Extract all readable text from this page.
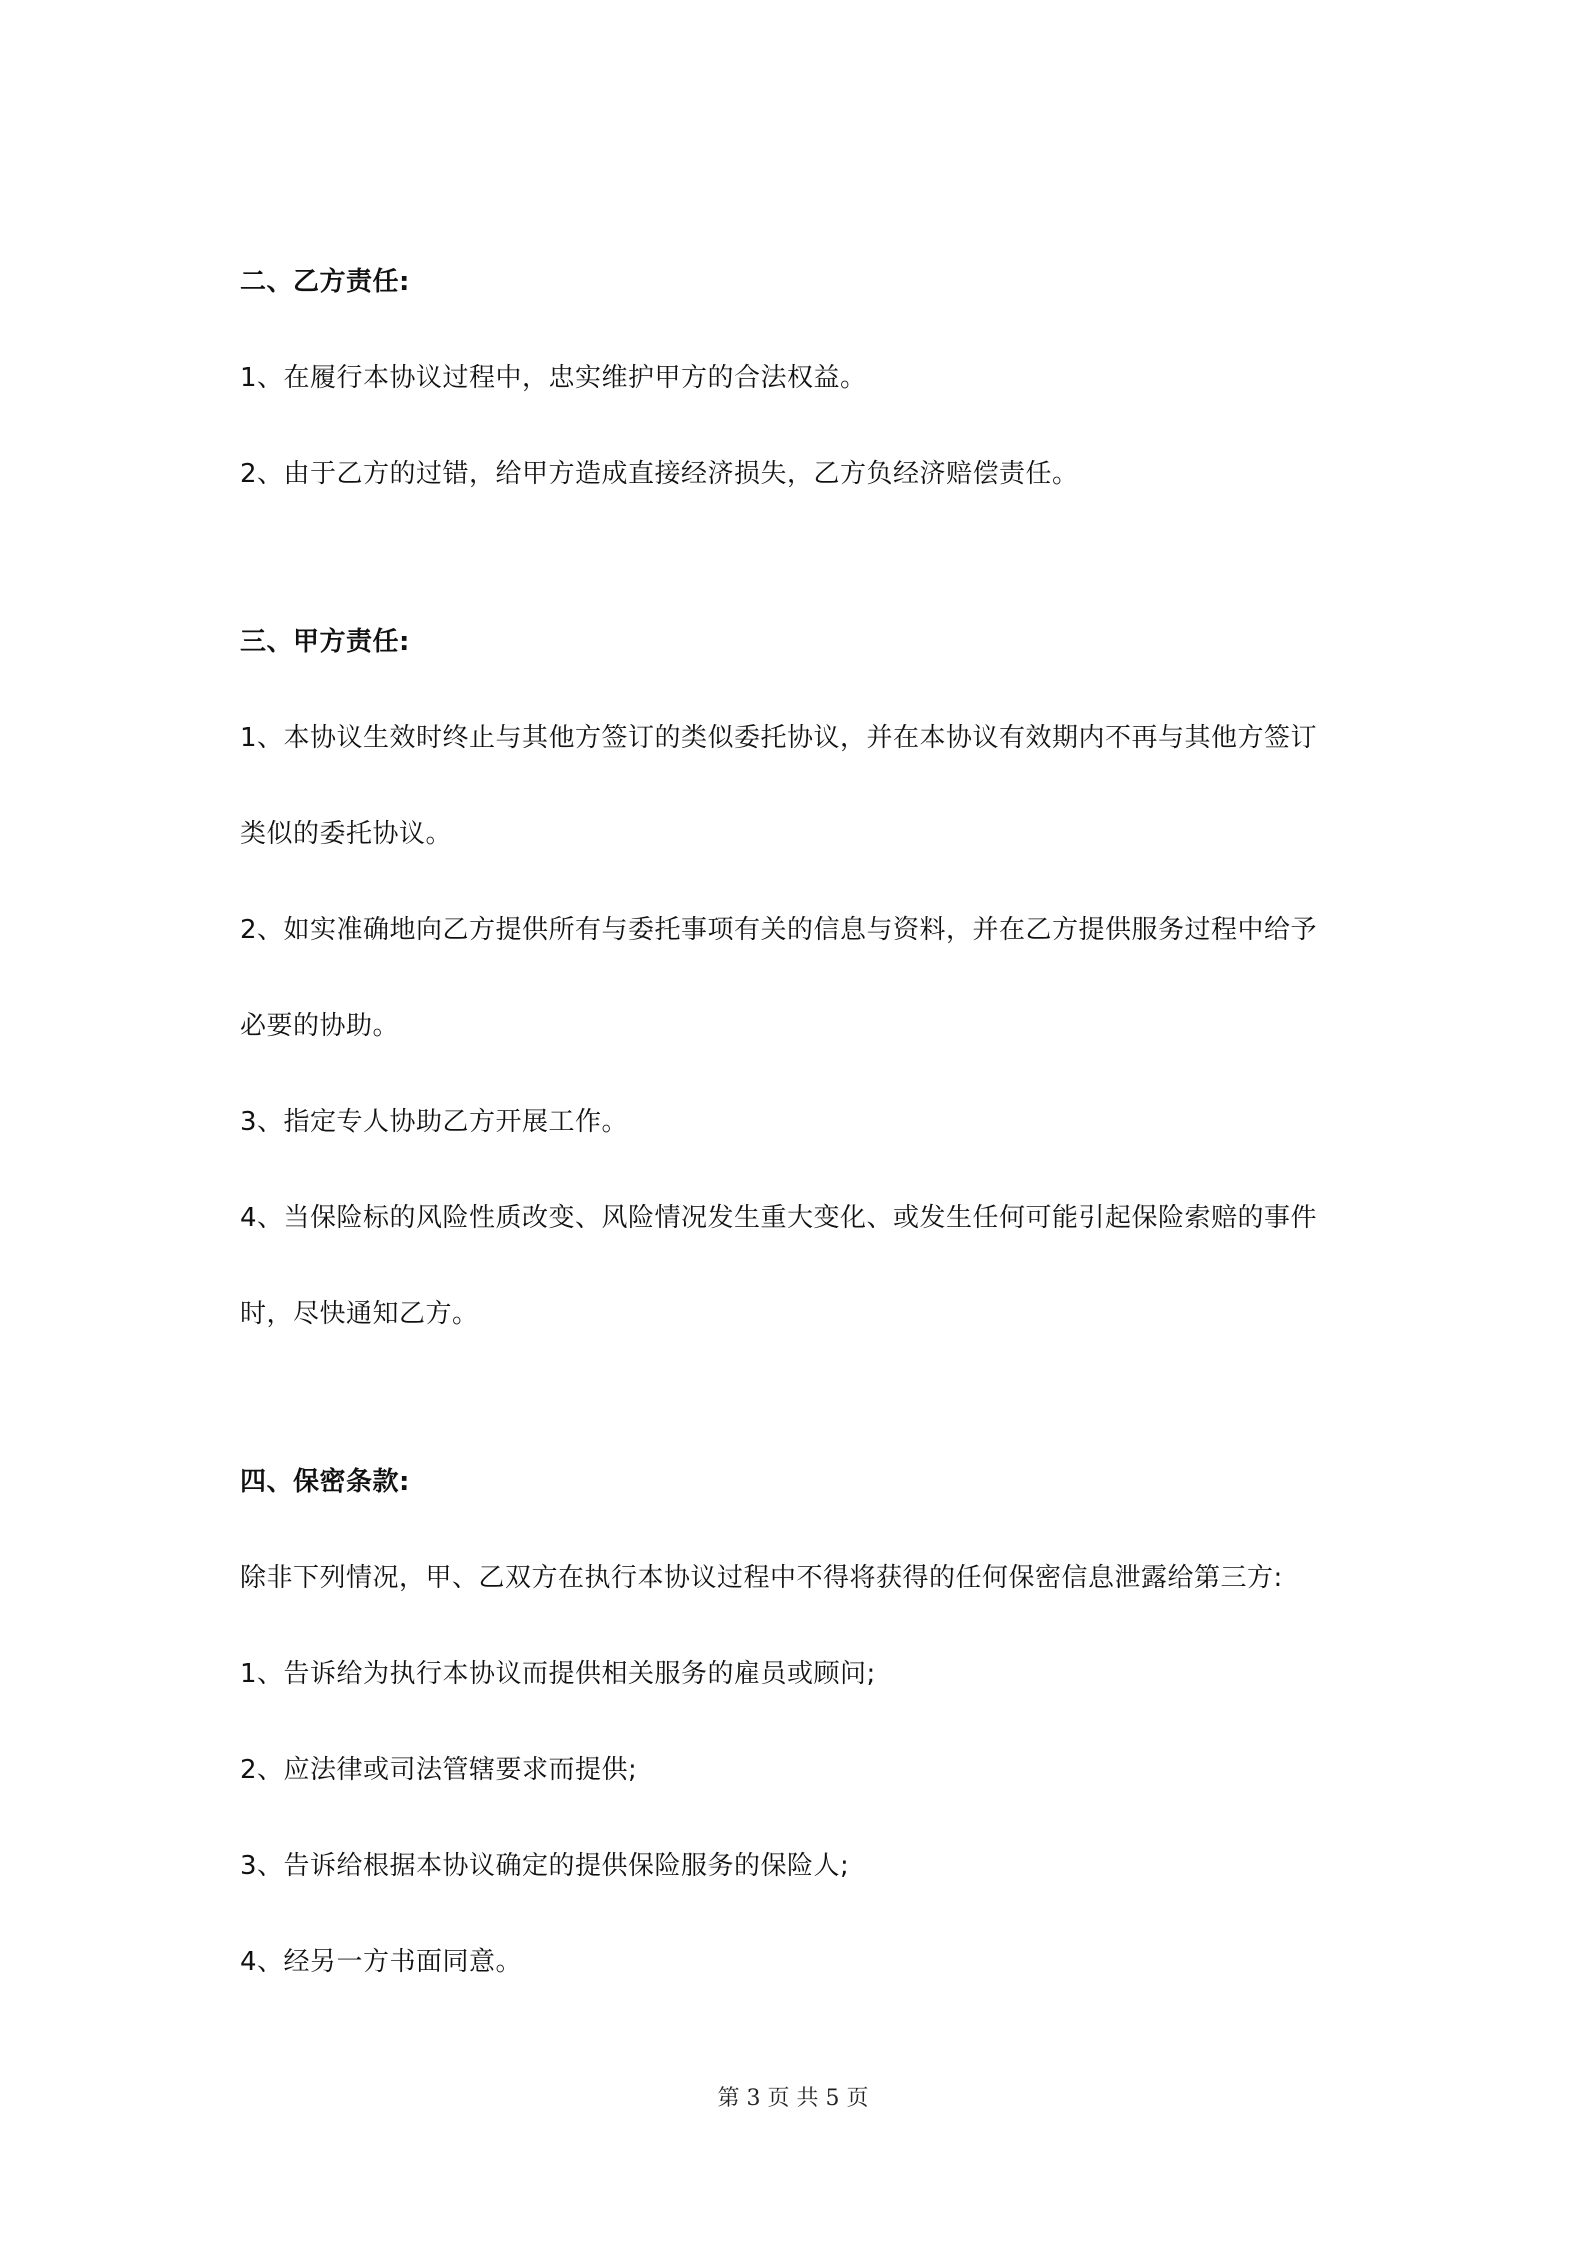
二、乙方责任:
1、在履行本协议过程中，忠实维护甲方的合法权益。
2、由于乙方的过错，给甲方造成直接经济损失，乙方负经济赔偿责任。
三、甲方责任:
1、本协议生效时终止与其他方签订的类似委托协议，并在本协议有效期内不再与其他方签订
类似的委托协议。
2、如实准确地向乙方提供所有与委托事项有关的信息与资料，并在乙方提供服务过程中给予
必要的协助。
3、指定专人协助乙方开展工作。
4、当保险标的风险性质改变、风险情况发生重大变化、或发生任何可能引起保险索赔的事件
时，尽快通知乙方。
四、保密条款:
除非下列情况，甲、乙双方在执行本协议过程中不得将获得的任何保密信息泄露给第三方:
1、告诉给为执行本协议而提供相关服务的雇员或顾问;
2、应法律或司法管辖要求而提供;
3、告诉给根据本协议确定的提供保险服务的保险人;
4、经另一方书面同意。
第 3 页 共 5 页
